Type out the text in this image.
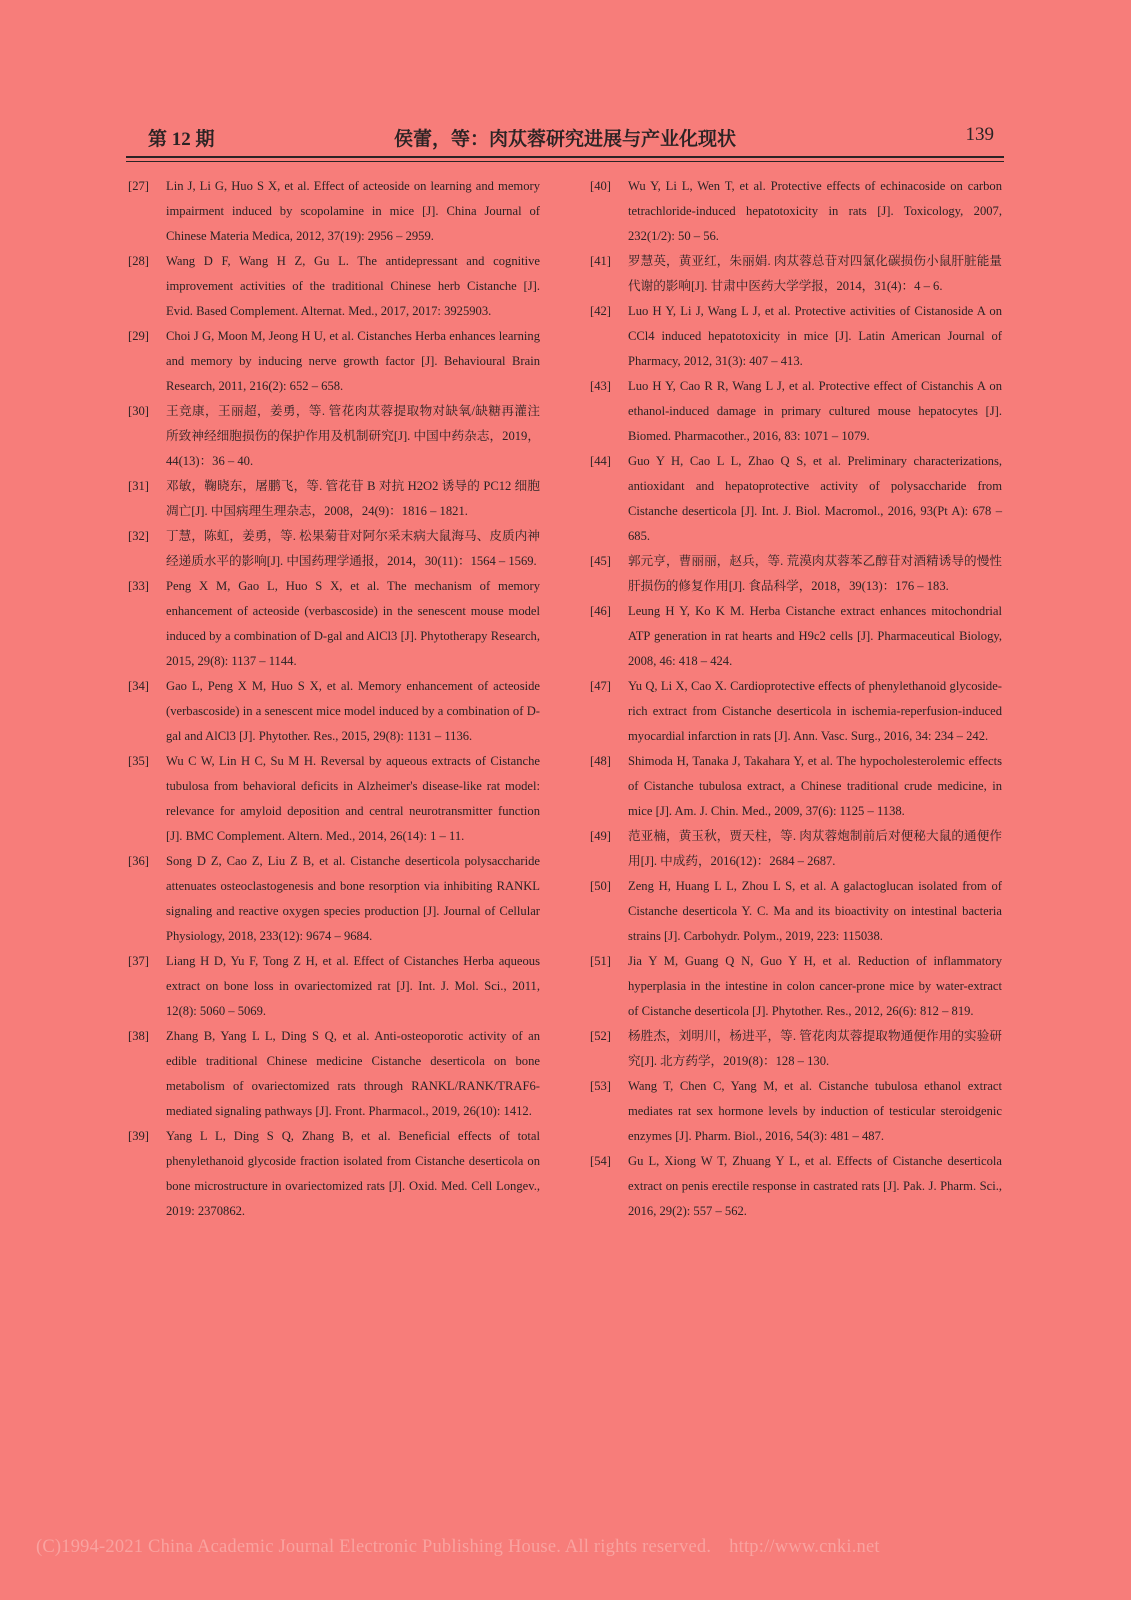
第 12 期	侯蕾，等：肉苁蓉研究进展与产业化现状	139
[27] Lin J, Li G, Huo S X, et al. Effect of acteoside on learning and memory impairment induced by scopolamine in mice [J]. China Journal of Chinese Materia Medica, 2012, 37(19): 2956 – 2959.
[28] Wang D F, Wang H Z, Gu L. The antidepressant and cognitive improvement activities of the traditional Chinese herb Cistanche [J]. Evid. Based Complement. Alternat. Med., 2017, 2017: 3925903.
[29] Choi J G, Moon M, Jeong H U, et al. Cistanches Herba enhances learning and memory by inducing nerve growth factor [J]. Behavioural Brain Research, 2011, 216(2): 652 – 658.
[30] 王竞康，王丽超，姜勇，等. 管花肉苁蓉提取物对缺氧/缺糖再灌注所致神经细胞损伤的保护作用及机制研究[J]. 中国中药杂志，2019，44(13)：36 – 40.
[31] 邓敏，鞠晓东，屠鹏飞，等. 管花苷 B 对抗 H2O2 诱导的 PC12 细胞凋亡[J]. 中国病理生理杂志，2008，24(9)：1816 – 1821.
[32] 丁慧，陈虹，姜勇，等. 松果菊苷对阿尔采末病大鼠海马、皮质内神经递质水平的影响[J]. 中国药理学通报，2014，30(11)：1564 – 1569.
[33] Peng X M, Gao L, Huo S X, et al. The mechanism of memory enhancement of acteoside (verbascoside) in the senescent mouse model induced by a combination of D-gal and AlCl3 [J]. Phytotherapy Research, 2015, 29(8): 1137 – 1144.
[34] Gao L, Peng X M, Huo S X, et al. Memory enhancement of acteoside (verbascoside) in a senescent mice model induced by a combination of D-gal and AlCl3 [J]. Phytother. Res., 2015, 29(8): 1131 – 1136.
[35] Wu C W, Lin H C, Su M H. Reversal by aqueous extracts of Cistanche tubulosa from behavioral deficits in Alzheimer's disease-like rat model: relevance for amyloid deposition and central neurotransmitter function [J]. BMC Complement. Altern. Med., 2014, 26(14): 1 – 11.
[36] Song D Z, Cao Z, Liu Z B, et al. Cistanche deserticola polysaccharide attenuates osteoclastogenesis and bone resorption via inhibiting RANKL signaling and reactive oxygen species production [J]. Journal of Cellular Physiology, 2018, 233(12): 9674 – 9684.
[37] Liang H D, Yu F, Tong Z H, et al. Effect of Cistanches Herba aqueous extract on bone loss in ovariectomized rat [J]. Int. J. Mol. Sci., 2011, 12(8): 5060 – 5069.
[38] Zhang B, Yang L L, Ding S Q, et al. Anti-osteoporotic activity of an edible traditional Chinese medicine Cistanche deserticola on bone metabolism of ovariectomized rats through RANKL/RANK/TRAF6-mediated signaling pathways [J]. Front. Pharmacol., 2019, 26(10): 1412.
[39] Yang L L, Ding S Q, Zhang B, et al. Beneficial effects of total phenylethanoid glycoside fraction isolated from Cistanche deserticola on bone microstructure in ovariectomized rats [J]. Oxid. Med. Cell Longev., 2019: 2370862.
[40] Wu Y, Li L, Wen T, et al. Protective effects of echinacoside on carbon tetrachloride-induced hepatotoxicity in rats [J]. Toxicology, 2007, 232(1/2): 50 – 56.
[41] 罗慧英，黄亚红，朱丽娟. 肉苁蓉总苷对四氯化碳损伤小鼠肝脏能量代谢的影响[J]. 甘肃中医药大学学报，2014，31(4)：4 – 6.
[42] Luo H Y, Li J, Wang L J, et al. Protective activities of Cistanoside A on CCl4 induced hepatotoxicity in mice [J]. Latin American Journal of Pharmacy, 2012, 31(3): 407 – 413.
[43] Luo H Y, Cao R R, Wang L J, et al. Protective effect of Cistanchis A on ethanol-induced damage in primary cultured mouse hepatocytes [J]. Biomed. Pharmacother., 2016, 83: 1071 – 1079.
[44] Guo Y H, Cao L L, Zhao Q S, et al. Preliminary characterizations, antioxidant and hepatoprotective activity of polysaccharide from Cistanche deserticola [J]. Int. J. Biol. Macromol., 2016, 93(Pt A): 678 – 685.
[45] 郭元亨，曹丽丽，赵兵，等. 荒漠肉苁蓉苯乙醇苷对酒精诱导的慢性肝损伤的修复作用[J]. 食品科学，2018，39(13)：176 – 183.
[46] Leung H Y, Ko K M. Herba Cistanche extract enhances mitochondrial ATP generation in rat hearts and H9c2 cells [J]. Pharmaceutical Biology, 2008, 46: 418 – 424.
[47] Yu Q, Li X, Cao X. Cardioprotective effects of phenylethanoid glycoside-rich extract from Cistanche deserticola in ischemia-reperfusion-induced myocardial infarction in rats [J]. Ann. Vasc. Surg., 2016, 34: 234 – 242.
[48] Shimoda H, Tanaka J, Takahara Y, et al. The hypocholesterolemic effects of Cistanche tubulosa extract, a Chinese traditional crude medicine, in mice [J]. Am. J. Chin. Med., 2009, 37(6): 1125 – 1138.
[49] 范亚楠，黄玉秋，贾天柱，等. 肉苁蓉炮制前后对便秘大鼠的通便作用[J]. 中成药，2016(12)：2684 – 2687.
[50] Zeng H, Huang L L, Zhou L S, et al. A galactoglucan isolated from of Cistanche deserticola Y. C. Ma and its bioactivity on intestinal bacteria strains [J]. Carbohydr. Polym., 2019, 223: 115038.
[51] Jia Y M, Guang Q N, Guo Y H, et al. Reduction of inflammatory hyperplasia in the intestine in colon cancer-prone mice by water-extract of Cistanche deserticola [J]. Phytother. Res., 2012, 26(6): 812 – 819.
[52] 杨胜杰，刘明川，杨进平，等. 管花肉苁蓉提取物通便作用的实验研究[J]. 北方药学，2019(8)：128 – 130.
[53] Wang T, Chen C, Yang M, et al. Cistanche tubulosa ethanol extract mediates rat sex hormone levels by induction of testicular steroidgenic enzymes [J]. Pharm. Biol., 2016, 54(3): 481 – 487.
[54] Gu L, Xiong W T, Zhuang Y L, et al. Effects of Cistanche deserticola extract on penis erectile response in castrated rats [J]. Pak. J. Pharm. Sci., 2016, 29(2): 557 – 562.
(C)1994-2021 China Academic Journal Electronic Publishing House. All rights reserved. http://www.cnki.net
